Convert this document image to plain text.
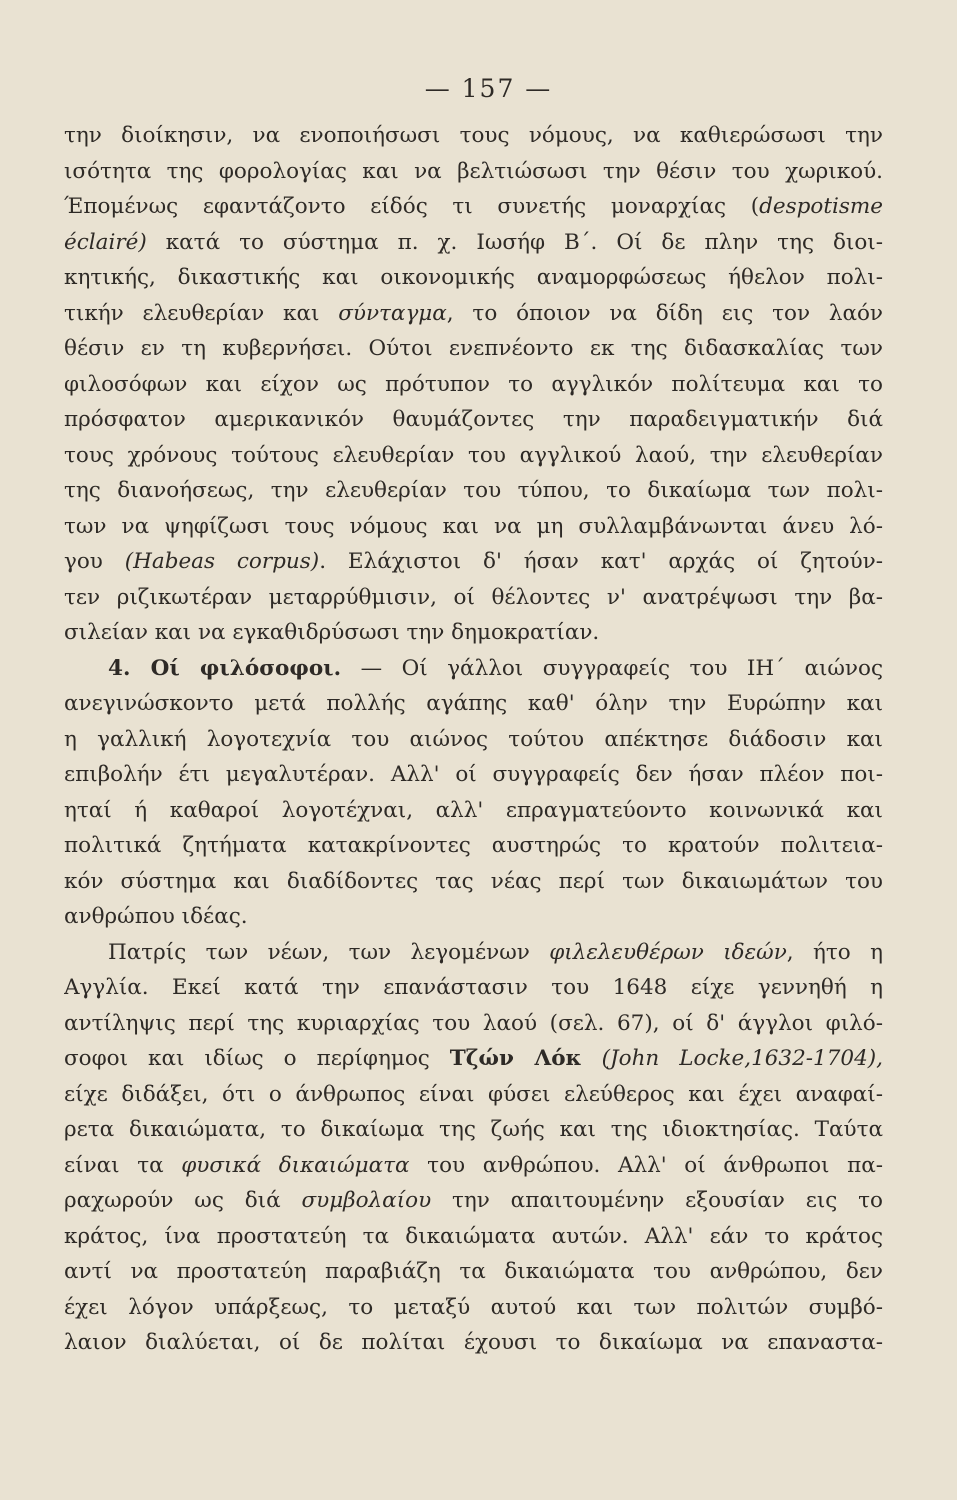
— 157 —
την διοίκησιν, να ενοποιήσωσι τους νόμους, να καθιερώσωσι την
ισότητα της φορολογίας και να βελτιώσωσι την θέσιν του χωρικού.
Έπομένως εφαντάζοντο είδός τι συνετής μοναρχίας (despotisme
éclairé) κατά το σύστημα π. χ. Ιωσήφ Β΄. Οί δε πλην της διοι-
κητικής, δικαστικής και οικονομικής αναμορφώσεως ήθελον πολι-
τικήν ελευθερίαν και σύνταγμα, το όποιον να δίδη εις τον λαόν
θέσιν εν τη κυβερνήσει. Ούτοι ενεπνέοντο εκ της διδασκαλίας των
φιλοσόφων και είχον ως πρότυπον το αγγλικόν πολίτευμα και το
πρόσφατον αμερικανικόν θαυμάζοντες την παραδειγματικήν διά
τους χρόνους τούτους ελευθερίαν του αγγλικού λαού, την ελευθερίαν
της διανοήσεως, την ελευθερίαν του τύπου, το δικαίωμα των πολι-
των να ψηφίζωσι τους νόμους και να μη συλλαμβάνωνται άνευ λό-
γου (Habeas corpus). Ελάχιστοι δ' ήσαν κατ' αρχάς οί ζητούν-
τεν ριζικωτέραν μεταρρύθμισιν, οί θέλοντες ν' ανατρέψωσι την βα-
σιλείαν και να εγκαθιδρύσωσι την δημοκρατίαν.
4. Οί φιλόσοφοι. — Οί γάλλοι συγγραφείς του ΙΗ΄ αιώνος
ανεγινώσκοντο μετά πολλής αγάπης καθ' όλην την Ευρώπην και
η γαλλική λογοτεχνία του αιώνος τούτου απέκτησε διάδοσιν και
επιβολήν έτι μεγαλυτέραν. Αλλ' οί συγγραφείς δεν ήσαν πλέον ποι-
ηταί ή καθαροί λογοτέχναι, αλλ' επραγματεύοντο κοινωνικά και
πολιτικά ζητήματα κατακρίνοντες αυστηρώς το κρατούν πολιτεια-
κόν σύστημα και διαδίδοντες τας νέας περί των δικαιωμάτων του
ανθρώπου ιδέας.
Πατρίς των νέων, των λεγομένων φιλελευθέρων ιδεών, ήτο η
Αγγλία. Εκεί κατά την επανάστασιν του 1648 είχε γεννηθή η
αντίληψις περί της κυριαρχίας του λαού (σελ. 67), οί δ' άγγλοι φιλό-
σοφοι και ιδίως ο περίφημος Τζών Λόκ (John Locke,1632-1704),
είχε διδάξει, ότι ο άνθρωπος είναι φύσει ελεύθερος και έχει αναφαί-
ρετα δικαιώματα, το δικαίωμα της ζωής και της ιδιοκτησίας. Ταύτα
είναι τα φυσικά δικαιώματα του ανθρώπου. Αλλ' οί άνθρωποι πα-
ραχωρούν ως διά συμβολαίου την απαιτουμένην εξουσίαν εις το
κράτος, ίνα προστατεύη τα δικαιώματα αυτών. Αλλ' εάν το κράτος
αντί να προστατεύη παραβιάζη τα δικαιώματα του ανθρώπου, δεν
έχει λόγον υπάρξεως, το μεταξύ αυτού και των πολιτών συμβό-
λαιον διαλύεται, οί δε πολίται έχουσι το δικαίωμα να επαναστα-
